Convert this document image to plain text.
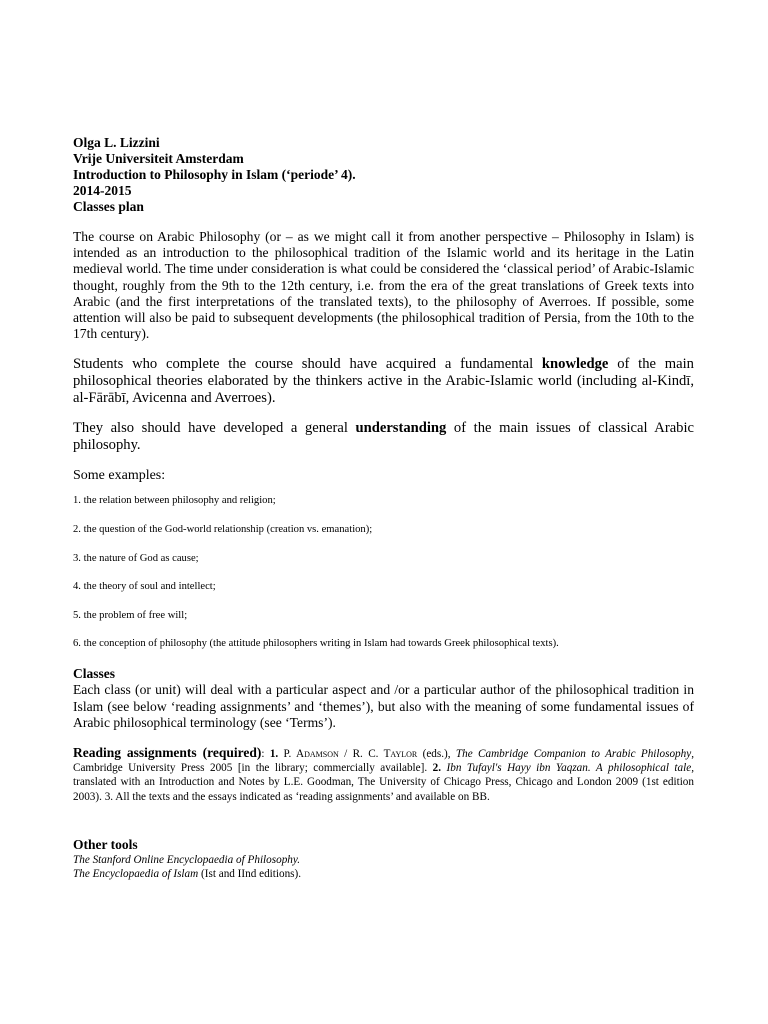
Olga L. Lizzini

Vrije Universiteit Amsterdam

Introduction to Philosophy in Islam (‘periode’ 4).

2014-2015

Classes plan

The course on Arabic Philosophy (or – as we might call it from another perspective – Philosophy in Islam) is intended as an introduction to the philosophical tradition of the Islamic world and its heritage in the Latin medieval world. The time under consideration is what could be considered the ‘classical period’ of Arabic-Islamic thought, roughly from the 9th to the 12th century, i.e. from the era of the great translations of Greek texts into Arabic (and the first interpretations of the translated texts), to the philosophy of Averroes. If possible, some attention will also be paid to subsequent developments (the philosophical tradition of Persia, from the 10th to the 17th century).

Students who complete the course should have acquired a fundamental knowledge of the main philosophical theories elaborated by the thinkers active in the Arabic-Islamic world (including al-Kindī, al-Fārābī, Avicenna and Averroes).

They also should have developed a general understanding of the main issues of classical Arabic philosophy.

Some examples:

1. the relation between philosophy and religion;

2. the question of the God-world relationship (creation vs. emanation);

3. the nature of God as cause;

4. the theory of soul and intellect;

5. the problem of free will;

6. the conception of philosophy (the attitude philosophers writing in Islam had towards Greek philosophical texts).

Classes

Each class (or unit) will deal with a particular aspect and /or a particular author of the philosophical tradition in Islam (see below ‘reading assignments’ and ‘themes’), but also with the meaning of some fundamental issues of Arabic philosophical terminology (see ‘Terms’).

Reading assignments (required): 1. P. Adamson / R. C. Taylor (eds.), The Cambridge Companion to Arabic Philosophy, Cambridge University Press 2005 [in the library; commercially available]. 2. Ibn Tufayl's Hayy ibn Yaqzan. A philosophical tale, translated with an Introduction and Notes by L.E. Goodman, The University of Chicago Press, Chicago and London 2009 (1st edition 2003). 3. All the texts and the essays indicated as ‘reading assignments’ and available on BB.

Other tools

The Stanford Online Encyclopaedia of Philosophy.

The Encyclopaedia of Islam (Ist and IInd editions).
